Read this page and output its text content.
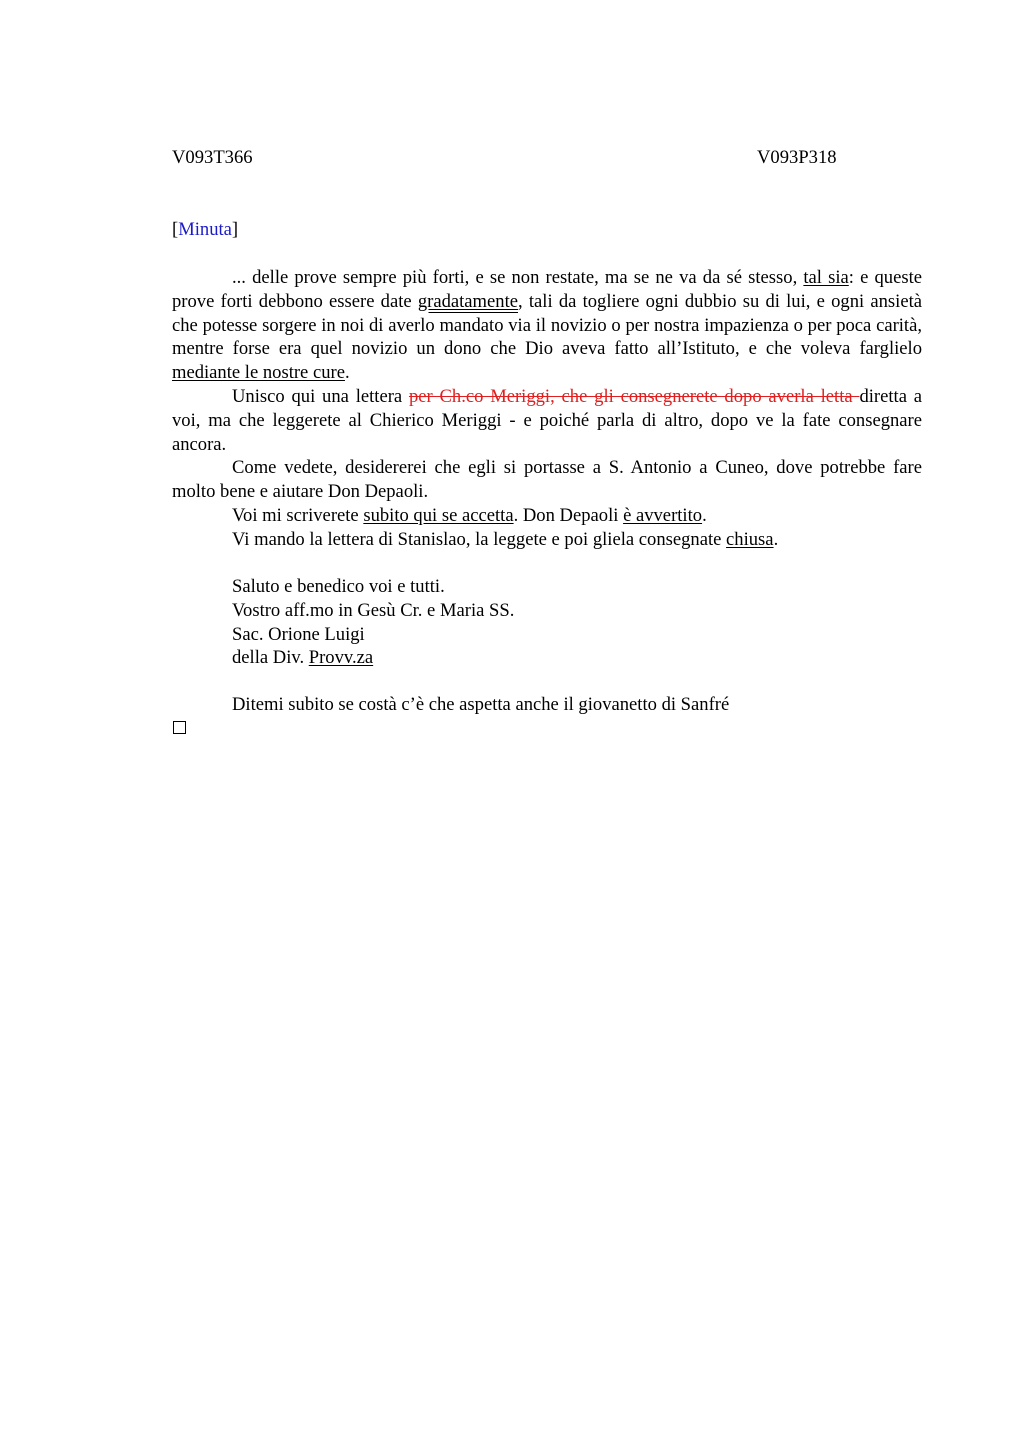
V093T366	V093P318
[Minuta]

... delle prove sempre più forti, e se non restate, ma se ne va da sé stesso, tal sia: e queste prove forti debbono essere date gradatamente, tali da togliere ogni dubbio su di lui, e ogni ansietà che potesse sorgere in noi di averlo mandato via il novizio o per nostra impazienza o per poca carità, mentre forse era quel novizio un dono che Dio aveva fatto all’Istituto, e che voleva farglielo mediante le nostre cure.

Unisco qui una lettera per Ch.co Meriggi, che gli consegnerete dopo averla letta diretta a voi, ma che leggerete al Chierico Meriggi - e poiché parla di altro, dopo ve la fate consegnare ancora.

Come vedete, desidererei che egli si portasse a S. Antonio a Cuneo, dove potrebbe fare molto bene e aiutare Don Depaoli.

Voi mi scriverete subito qui se accetta. Don Depaoli è avvertito.

Vi mando la lettera di Stanislao, la leggete e poi gliela consegnate chiusa.

Saluto e benedico voi e tutti.
Vostro aff.mo in Gesù Cr. e Maria SS.
Sac. Orione Luigi
della Div. Provv.za
Ditemi subito se costà c’è che aspetta anche il giovanetto di Sanfré
